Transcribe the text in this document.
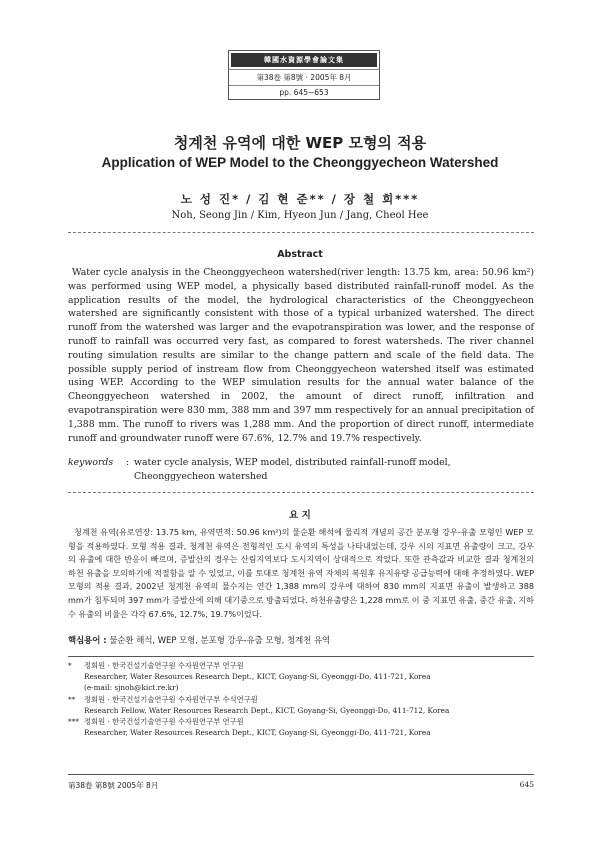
韓國水資源學會論文集
第38卷 第8號 · 2005年 8月
pp. 645∼653
청계천 유역에 대한 WEP 모형의 적용
Application of WEP Model to the Cheonggyecheon Watershed
노 성 진* / 김 현 준** / 장 철 희***
Noh, Seong Jin / Kim, Hyeon Jun / Jang, Cheol Hee
Abstract

Water cycle analysis in the Cheonggyecheon watershed(river length: 13.75 km, area: 50.96 km²) was performed using WEP model, a physically based distributed rainfall-runoff model. As the application results of the model, the hydrological characteristics of the Cheonggyecheon watershed are significantly consistent with those of a typical urbanized watershed. The direct runoff from the watershed was larger and the evapotranspiration was lower, and the response of runoff to rainfall was occurred very fast, as compared to forest watersheds. The river channel routing simulation results are similar to the change pattern and scale of the field data. The possible supply period of instream flow from Cheonggyecheon watershed itself was estimated using WEP. According to the WEP simulation results for the annual water balance of the Cheonggyecheon watershed in 2002, the amount of direct runoff, infiltration and evapotranspiration were 830 mm, 388 mm and 397 mm respectively for an annual precipitation of 1,388 mm. The runoff to rivers was 1,288 mm. And the proportion of direct runoff, intermediate runoff and groundwater runoff were 67.6%, 12.7% and 19.7% respectively.

keywords : water cycle analysis, WEP model, distributed rainfall-runoff model, Cheonggyecheon watershed
요 지

청계천 유역(유로연장: 13.75 km, 유역면적: 50.96 km²)의 물순환 해석에 물리적 개념의 공간 분포형 강우-유출 모형인 WEP 모형을 적용하였다. 모형 적용 결과, 청계천 유역은 전형적인 도시 유역의 특성을 나타내었는데, 강우 시의 지표면 유출량이 크고, 강우의 유출에 대한 반응이 빠르며, 증발산의 경우는 산림지역보다 도시지역이 상대적으로 적었다. 또한 관측값과 비교한 결과 청계천의 하천 유출을 모의하기에 적절함을 알 수 있었고, 이를 토대로 청계천 유역 자체의 복원후 유지유량 공급능력에 대해 추정하였다. WEP 모형의 적용 결과, 2002년 청계천 유역의 물수지는 연간 1,388 mm의 강우에 대하여 830 mm의 지표면 유출이 발생하고 388 mm가 침투되며 397 mm가 증발산에 의해 대기중으로 방출되었다. 하천유출량은 1,228 mm로 이 중 지표면 유출, 중간 유출, 지하수 유출의 비율은 각각 67.6%, 12.7%, 19.7%이었다.

핵심용어 : 물순환 해석, WEP 모형, 분포형 강우-유출 모형, 청계천 유역
*	정회원 · 한국건설기술연구원 수자원연구부 연구원
Researcher, Water Resources Research Dept., KICT, Goyang-Si, Gyeonggi-Do, 411-721, Korea
(e-mail: sjnoh@kict.re.kr)
**	정회원 · 한국건설기술연구원 수자원연구부 수석연구원
Research Fellow, Water Resources Research Dept., KICT, Goyang-Si, Gyeonggi-Do, 411-712, Korea
*** 정회원 · 한국건설기술연구원 수자원연구부 연구원
Researcher, Water Resources Research Dept., KICT, Goyang-Si, Gyeonggi-Do, 411-721, Korea
第38卷 第8號 2005年 8月	645
